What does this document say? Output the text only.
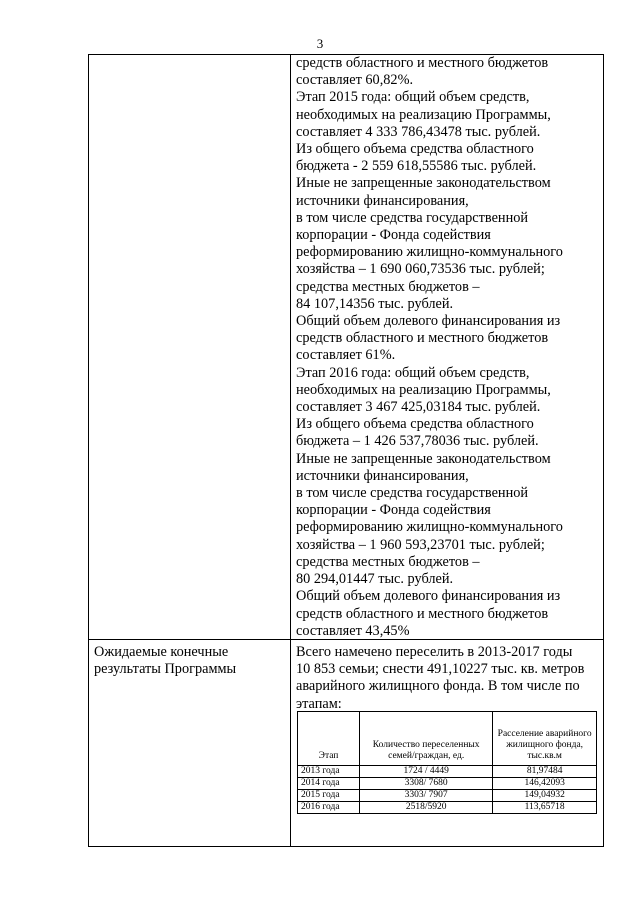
3
средств областного и местного бюджетов
составляет 60,82%.
Этап 2015 года: общий объем средств,
необходимых на реализацию Программы,
составляет 4 333 786,43478 тыс. рублей.
Из общего объема средства областного
бюджета - 2 559 618,55586 тыс. рублей.
Иные не запрещенные законодательством
источники финансирования,
в том числе средства государственной
корпорации - Фонда содействия
реформированию жилищно-коммунального
хозяйства – 1 690 060,73536 тыс. рублей;
средства местных бюджетов –
84 107,14356 тыс. рублей.
Общий объем долевого финансирования из
средств областного и местного бюджетов
составляет 61%.
Этап 2016 года: общий объем средств,
необходимых на реализацию Программы,
составляет 3 467 425,03184 тыс. рублей.
Из общего объема средства областного
бюджета – 1 426 537,78036 тыс. рублей.
Иные не запрещенные законодательством
источники финансирования,
в том числе средства государственной
корпорации - Фонда содействия
реформированию жилищно-коммунального
хозяйства – 1 960 593,23701 тыс. рублей;
средства местных бюджетов –
80 294,01447 тыс. рублей.
Общий объем долевого финансирования из
средств областного и местного бюджетов
составляет 43,45%
Ожидаемые конечные
результаты Программы
Всего намечено переселить в 2013-2017 годы
10 853 семьи; снести 491,10227 тыс. кв. метров
аварийного жилищного фонда. В том числе по
этапам:
Этап	Количество переселенных семей/граждан, ед.	Расселение аварийного жилищного фонда, тыс.кв.м
2013 года	1724 / 4449	81,97484
2014 года	3308/ 7680	146,42093
2015 года	3303/ 7907	149,04932
2016 года	2518/5920	113,65718
